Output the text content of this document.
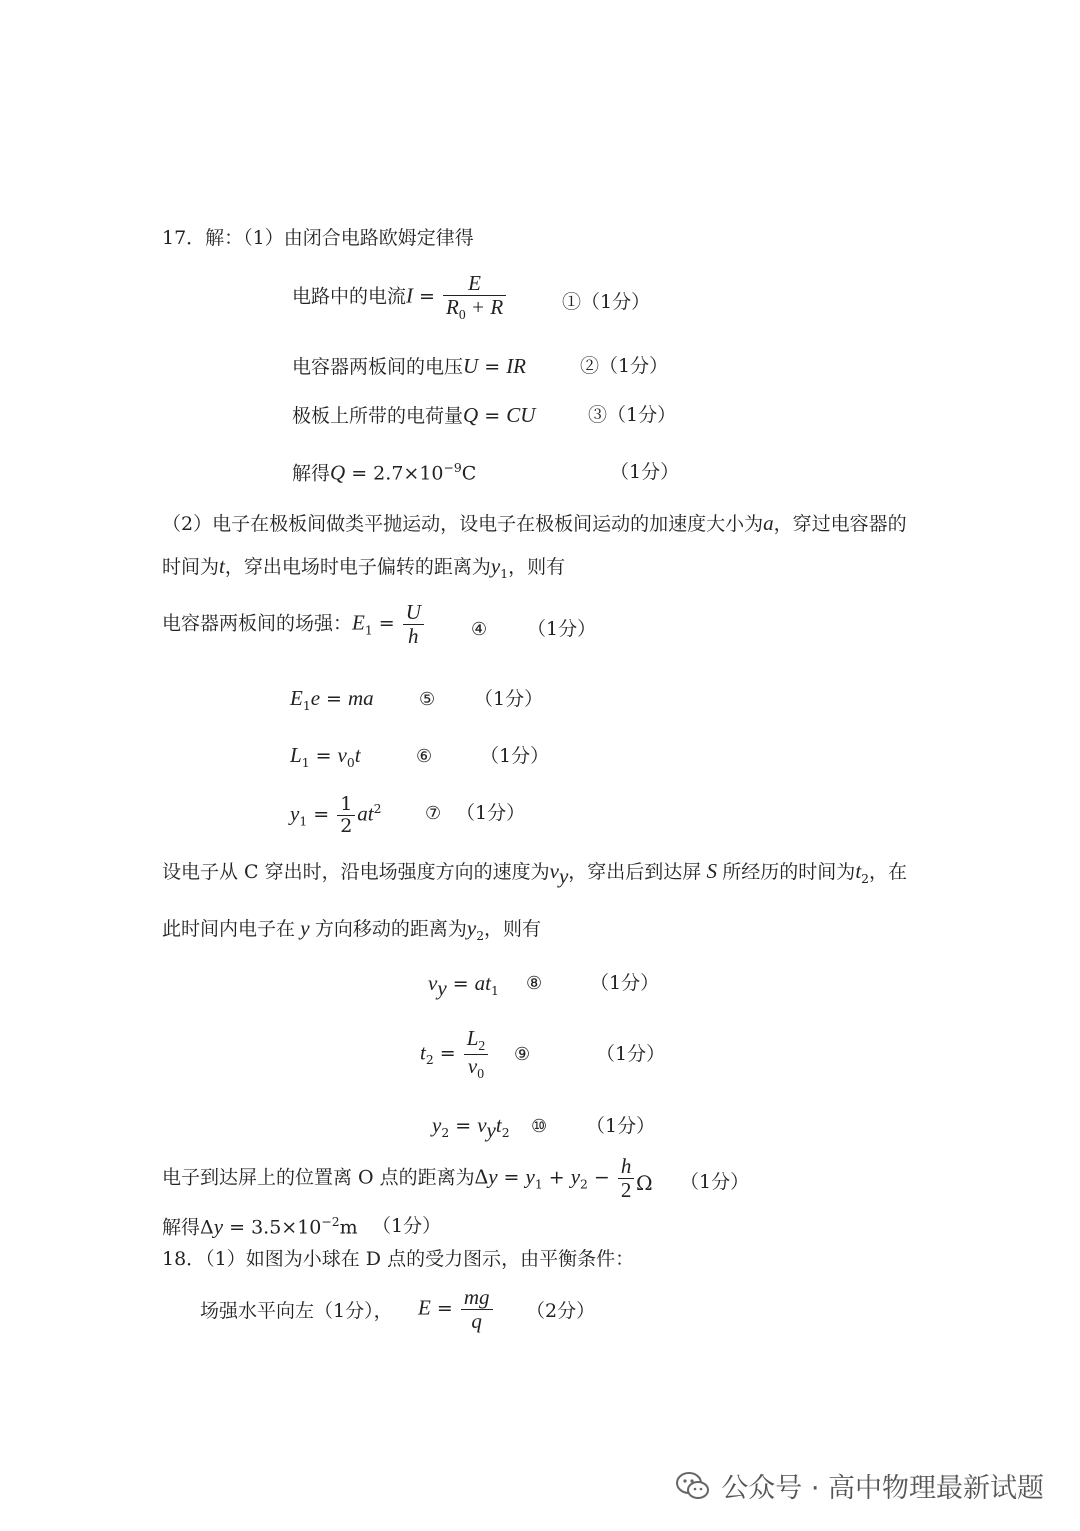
17．解：（1）由闭合电路欧姆定律得
电路中的电流$I = \frac{E}{R_0 + R}$	①（1分）
电容器两板间的电压U = IR	②（1分）
极板上所带的电荷量Q = CU	③（1分）
解得$Q = 2.7\times 10^{-9}C$	（1分）
（2）电子在极板间做类平抛运动，设电子在极板间运动的加速度大小为a，穿过电容器的
时间为t，穿出电场时电子偏转的距离为$y_1$，则有
电容器两板间的场强：$E_1 = \frac{U}{h}$	④ （1分）
$E_1e$ = ma	⑤ （1分）
$L_1 = v_0t$	⑥	（1分）
$y_1 = \frac{1}{2} at^2$ ⑦ （1分）
设电子从 C 穿出时，沿电场强度方向的速度为$v_y$，穿出后到达屏 S 所经历的时间为$t_2$，在
此时间内电子在 y 方向移动的距离为$y_2$，则有
$v_y = at_1$ ⑧	（1分）
$t_2 = \frac{L_2}{v_0}$ ⑨	（1分）
$y_2 = v_yt_2$ ⑩ （1分）
电子到达屏上的位置离 O 点的距离为$\Delta y = y_1 + y_2 - \frac{h}{2}$ Ω （1分）
解得$\Delta y = 3.5\times 10^{-2}m$ （1分）
18．（1）如图为小球在 D 点的受力图示，由平衡条件：
场强水平向左（1分）， $E = \frac{mg}{q} (2$分）
公众号 · 高中物理最新试题
